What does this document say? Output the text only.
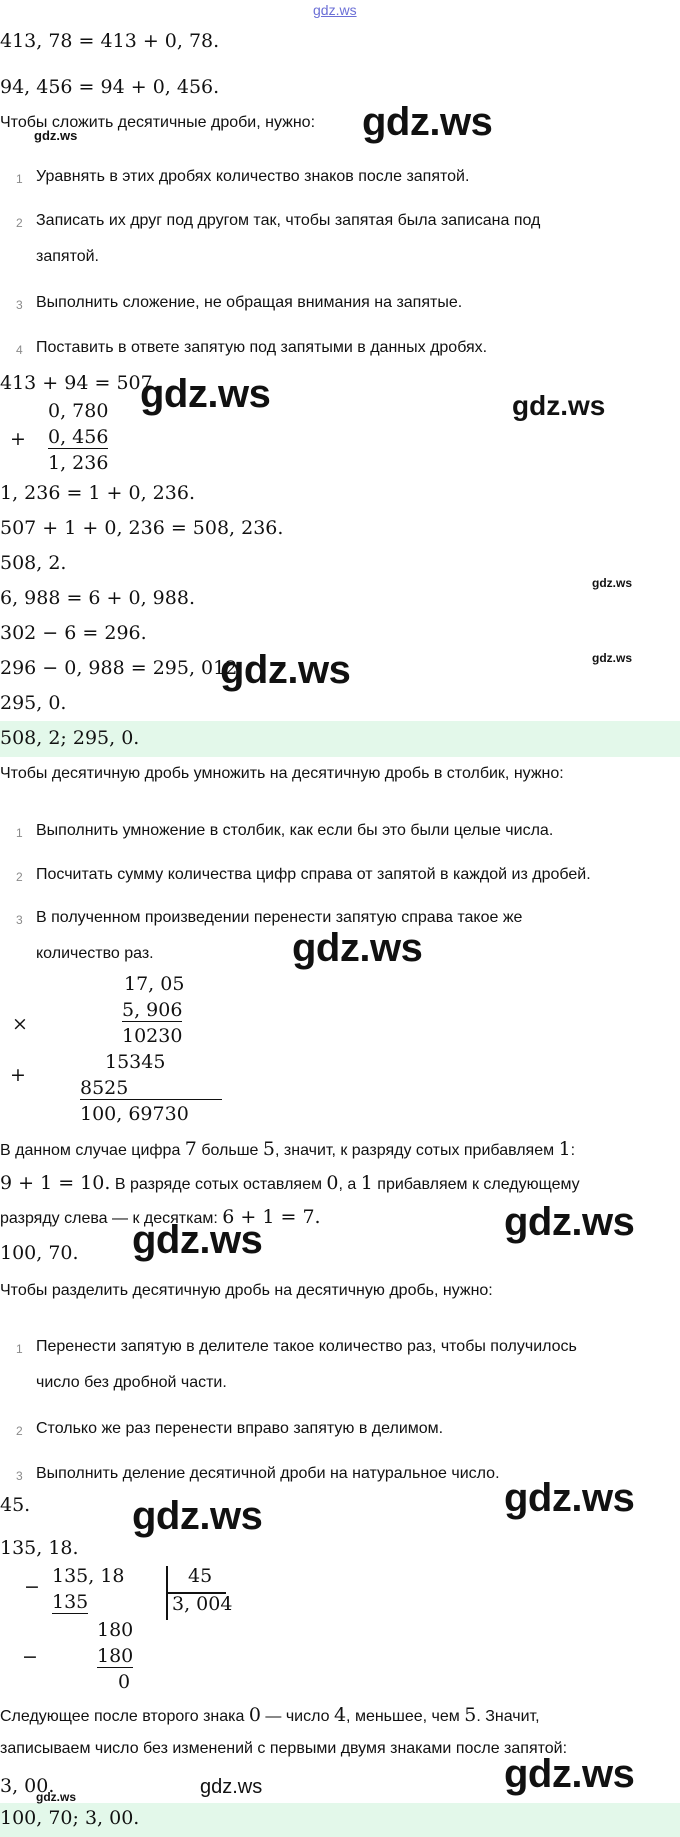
gdz.ws
413, 78 = 413 + 0, 78.
94, 456 = 94 + 0, 456.
Чтобы сложить десятичные дроби, нужно:
1 Уравнять в этих дробях количество знаков после запятой.
2 Записать их друг под другом так, чтобы запятая была записана под
запятой.
3 Выполнить сложение, не обращая внимания на запятые.
4 Поставить в ответе запятую под запятыми в данных дробях.
413 + 94 = 507.
0, 780
+ 0, 456
1, 236
1, 236 = 1 + 0, 236.
507 + 1 + 0, 236 = 508, 236.
508, 2.
6, 988 = 6 + 0, 988.
302 − 6 = 296.
296 − 0, 988 = 295, 012.
295, 0.
508, 2; 295, 0.
Чтобы десятичную дробь умножить на десятичную дробь в столбик, нужно:
1 Выполнить умножение в столбик, как если бы это были целые числа.
2 Посчитать сумму количества цифр справа от запятой в каждой из дробей.
3 В полученном произведении перенести запятую справа такое же
количество раз.
17, 05
×
5, 906
10230
+
15345
8525
100, 69730
В данном случае цифра 7 больше 5, значит, к разряду сотых прибавляем 1:
9 + 1 = 10. В разряде сотых оставляем 0, а 1 прибавляем к следующему
разряду слева — к десяткам: 6 + 1 = 7.
100, 70.
Чтобы разделить десятичную дробь на десятичную дробь, нужно:
1 Перенести запятую в делителе такое количество раз, чтобы получилось
число без дробной части.
2 Столько же раз перенести вправо запятую в делимом.
3 Выполнить деление десятичной дроби на натуральное число.
45.
135, 18.
− 135, 18
135
45
3, 004
180
−	180
0
Следующее после второго знака 0 — число 4, меньшее, чем 5. Значит,
записываем число без изменений с первыми двумя знаками после запятой:
3, 00.
100, 70; 3, 00.
gdz.ws
gdz.ws
gdz.ws	gdz.ws
gdz.ws
gdz.ws
gdz.ws
gdz.ws
gdz.ws
gdz.ws
gdz.ws
gdz.ws
gdz.ws
gdz.ws
gdz.ws
